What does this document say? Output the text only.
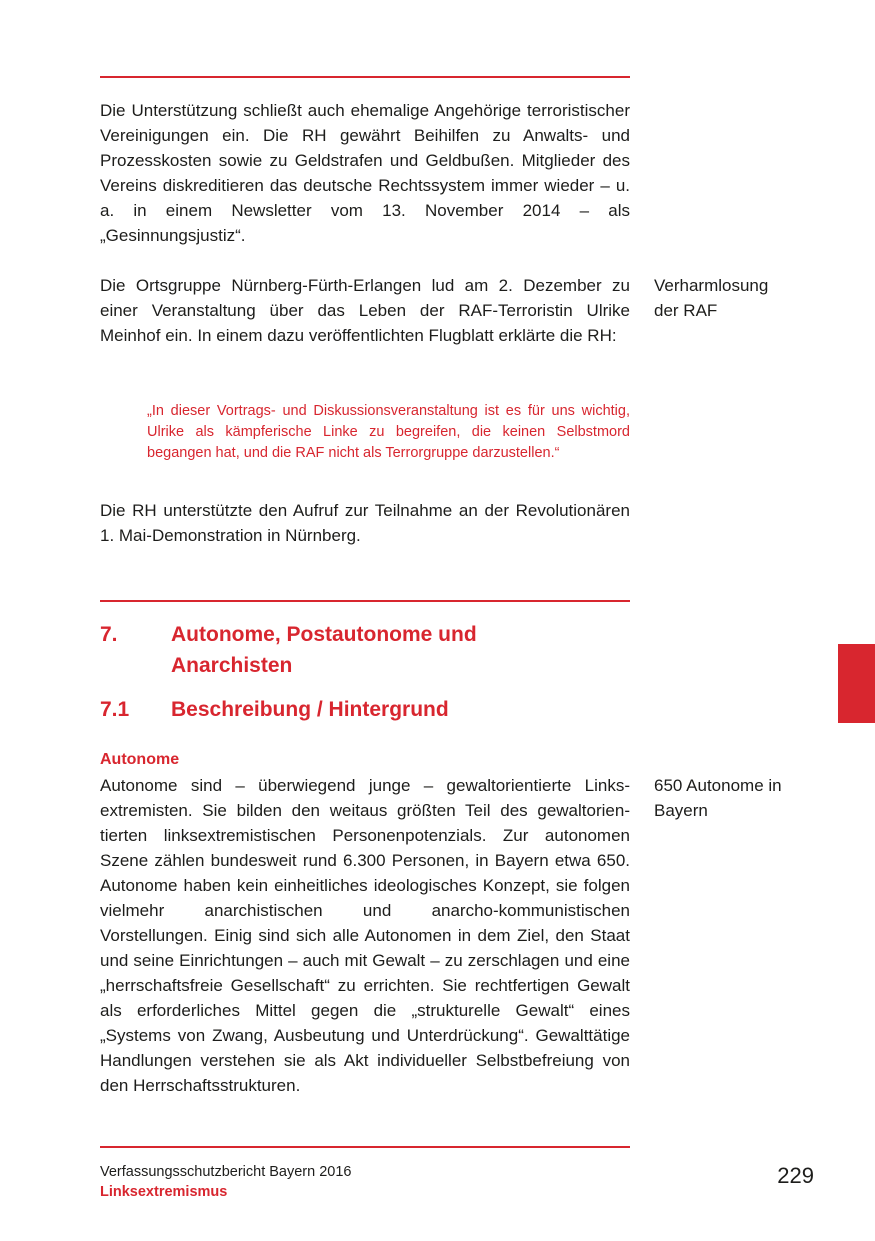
Die Unterstützung schließt auch ehemalige Angehörige terroristischer Vereinigungen ein. Die RH gewährt Beihilfen zu Anwalts- und Prozesskosten sowie zu Geldstrafen und Geldbußen. Mitglieder des Vereins diskreditieren das deutsche Rechtssystem immer wieder – u. a. in einem Newsletter vom 13. November 2014 – als „Gesinnungsjustiz“.

Die Ortsgruppe Nürnberg-Fürth-Erlangen lud am 2. Dezember zu einer Veranstaltung über das Leben der RAF-Terroristin Ulrike Meinhof ein. In einem dazu veröffentlichten Flugblatt erklärte die RH:

Verharmlosung der RAF

„In dieser Vortrags- und Diskussionsveranstaltung ist es für uns wichtig, Ulrike als kämpferische Linke zu begreifen, die keinen Selbstmord begangen hat, und die RAF nicht als Terrorgruppe darzustellen.“

Die RH unterstützte den Aufruf zur Teilnahme an der Revolutionären 1. Mai-Demonstration in Nürnberg.

7.	Autonome, Postautonome und Anarchisten
7.1 Beschreibung / Hintergrund

Autonome

Autonome sind – überwiegend junge – gewaltorientierte Linksextremisten. Sie bilden den weitaus größten Teil des gewaltorientierten linksextremistischen Personenpotenzials. Zur autonomen Szene zählen bundesweit rund 6.300 Personen, in Bayern etwa 650. Autonome haben kein einheitliches ideologisches Konzept, sie folgen vielmehr anarchistischen und anarcho-kommunistischen Vorstellungen. Einig sind sich alle Autonomen in dem Ziel, den Staat und seine Einrichtungen – auch mit Gewalt – zu zerschlagen und eine „herrschaftsfreie Gesellschaft“ zu errichten. Sie rechtfertigen Gewalt als erforderliches Mittel gegen die „strukturelle Gewalt“ eines „Systems von Zwang, Ausbeutung und Unterdrückung“. Gewalttätige Handlungen verstehen sie als Akt individueller Selbstbefreiung von den Herrschaftsstrukturen.

650 Autonome in Bayern

Verfassungsschutzbericht Bayern 2016
Linksextremismus
229
